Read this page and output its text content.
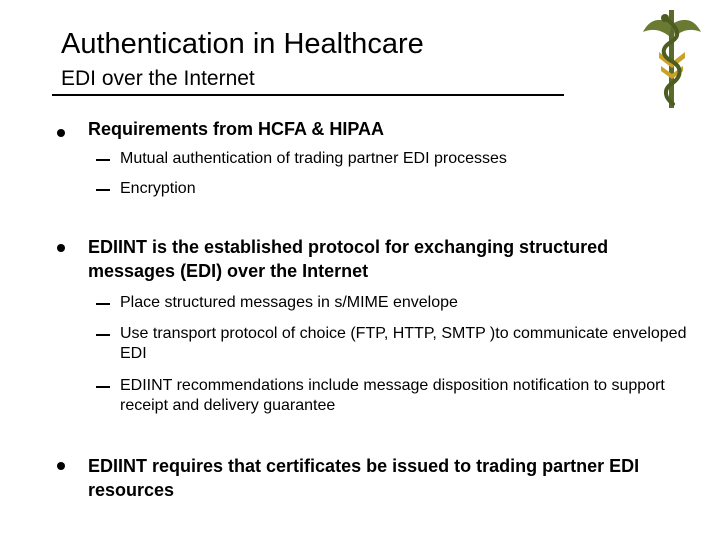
Authentication in Healthcare
EDI over the Internet
Requirements from HCFA & HIPAA
Mutual authentication of trading partner EDI processes
Encryption
EDIINT is the established protocol for exchanging structured messages (EDI) over the Internet
Place structured messages in s/MIME envelope
Use transport protocol of choice (FTP, HTTP, SMTP )to communicate enveloped EDI
EDIINT recommendations include message disposition notification to support receipt and delivery guarantee
EDIINT requires that certificates be issued to trading partner EDI resources
